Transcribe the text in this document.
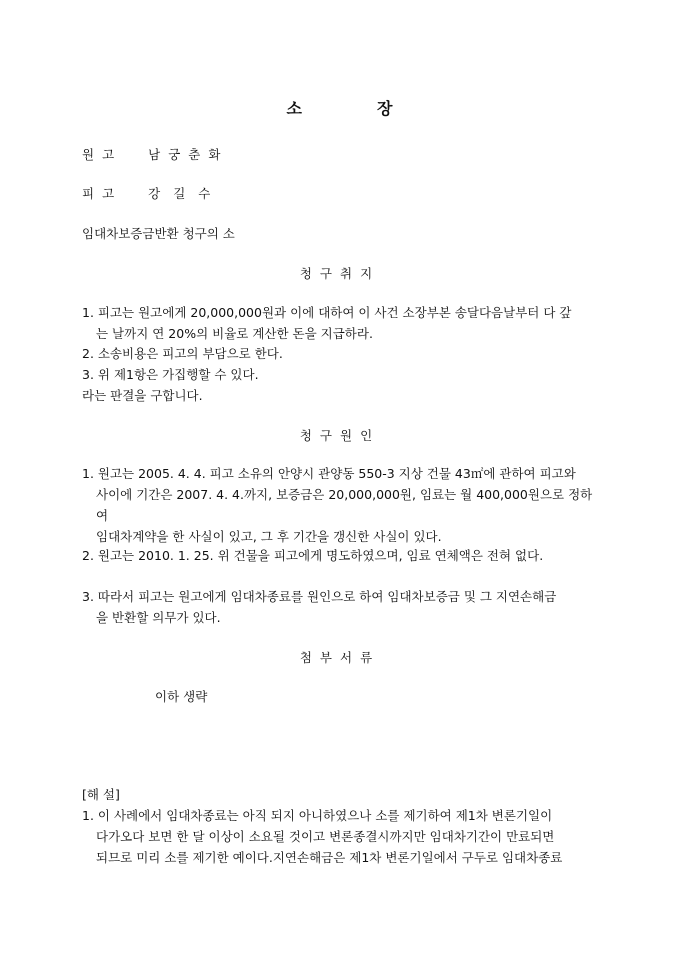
소	장
원고 남궁춘화
피고 강길수
임대차보증금반환 청구의 소
청구취지
1. 피고는 원고에게 20,000,000원과 이에 대하여 이 사건 소장부본 송달다음날부터 다 갚
는 날까지 연 20%의 비율로 계산한 돈을 지급하라.
2. 소송비용은 피고의 부담으로 한다.
3. 위 제1항은 가집행할 수 있다.
라는 판결을 구합니다.
청구원인
1. 원고는 2005. 4. 4. 피고 소유의 안양시 관양동 550-3 지상 건물 43㎡에 관하여 피고와
사이에 기간은 2007. 4. 4.까지, 보증금은 20,000,000원, 임료는 월 400,000원으로 정하여
임대차계약을 한 사실이 있고, 그 후 기간을 갱신한 사실이 있다.
2. 원고는 2010. 1. 25. 위 건물을 피고에게 명도하였으며, 임료 연체액은 전혀 없다.
3. 따라서 피고는 원고에게 임대차종료를 원인으로 하여 임대차보증금 및 그 지연손해금
을 반환할 의무가 있다.
첨부서류
이하 생략
[해 설]
1. 이 사례에서 임대차종료는 아직 되지 아니하였으나 소를 제기하여 제1차 변론기일이
다가오다 보면 한 달 이상이 소요될 것이고 변론종결시까지만 임대차기간이 만료되면
되므로 미리 소를 제기한 예이다.지연손해금은 제1차 변론기일에서 구두로 임대차종료
